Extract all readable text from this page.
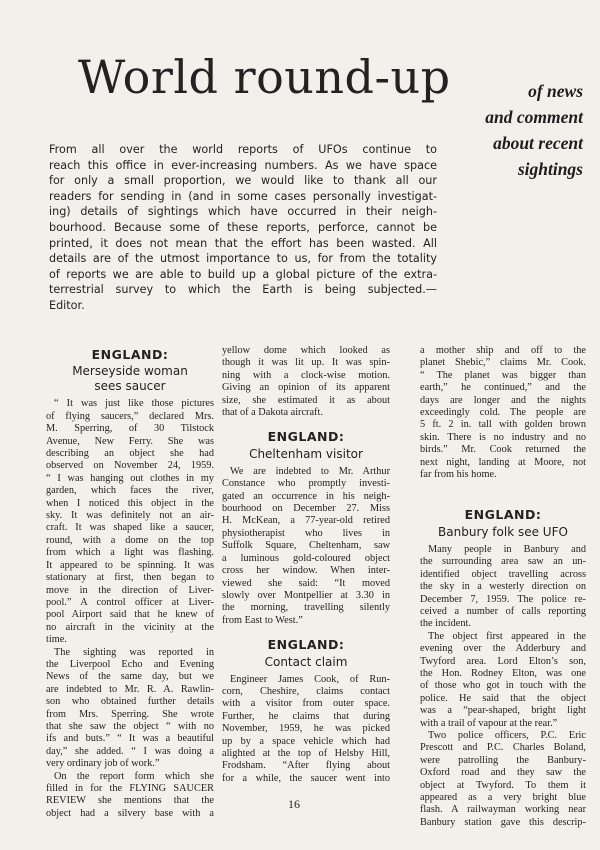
World round-up	of news
and comment
about recent
sightings
From all over the world reports of UFOs continue to
reach this office in ever-increasing numbers. As we have space
for only a small proportion, we would like to thank all our
readers for sending in (and in some cases personally investigat-
ing) details of sightings which have occurred in their neigh-
bourhood. Because some of these reports, perforce, cannot be
printed, it does not mean that the effort has been wasted. All
details are of the utmost importance to us, for from the totality
of reports we are able to build up a global picture of the extra-
terrestrial survey to which the Earth is being subjected.—
Editor.
ENGLAND:
Merseyside woman
sees saucer
“ It was just like those pictures
of flying saucers,” declared Mrs.
M. Sperring, of 30 Tilstock
Avenue, New Ferry. She was
describing an object she had
observed on November 24, 1959.
“ I was hanging out clothes in my
garden, which faces the river,
when I noticed this object in the
sky. It was definitely not an air-
craft. It was shaped like a saucer,
round, with a dome on the top
from which a light was flashing.
It appeared to be spinning. It was
stationary at first, then began to
move in the direction of Liver-
pool.” A control officer at Liver-
pool Airport said that he knew of
no aircraft in the vicinity at the
time.
The sighting was reported in
the Liverpool Echo and Evening
News of the same day, but we
are indebted to Mr. R. A. Rawlin-
son who obtained further details
from Mrs. Sperring. She wrote
that she saw the object “ with no
ifs and buts.” “ It was a beautiful
day,” she added. “ I was doing a
very ordinary job of work.”
On the report form which she
filled in for the FLYING SAUCER
REVIEW she mentions that the
object had a silvery base with a
yellow dome which looked as
though it was lit up. It was spin-
ning with a clock-wise motion.
Giving an opinion of its apparent
size, she estimated it as about
that of a Dakota aircraft.
ENGLAND:
Cheltenham visitor
We are indebted to Mr. Arthur
Constance who promptly investi-
gated an occurrence in his neigh-
bourhood on December 27. Miss
H. McKean, a 77-year-old retired
physiotherapist who lives in
Suffolk Square, Cheltenham, saw
a luminous gold-coloured object
cross her window. When inter-
viewed she said: “It moved
slowly over Montpellier at 3.30 in
the morning, travelling silently
from East to West.”
ENGLAND:
Contact claim
Engineer James Cook, of Run-
corn, Cheshire, claims contact
with a visitor from outer space.
Further, he claims that during
November, 1959, he was picked
up by a space vehicle which had
alighted at the top of Helsby Hill,
Frodsham. “After flying about
for a while, the saucer went into
a mother ship and off to the
planet Shebic,” claims Mr. Cook.
“ The planet was bigger than
earth,” he continued,” and the
days are longer and the nights
exceedingly cold. The people are
5 ft. 2 in. tall with golden brown
skin. There is no industry and no
birds.” Mr. Cook returned the
next night, landing at Moore, not
far from his home.
ENGLAND:
Banbury folk see UFO
Many people in Banbury and
the surrounding area saw an un-
identified object travelling across
the sky in a westerly direction on
December 7, 1959. The police re-
ceived a number of calls reporting
the incident.
The object first appeared in the
evening over the Adderbury and
Twyford area. Lord Elton’s son,
the Hon. Rodney Elton, was one
of those who got in touch with the
police. He said that the object
was a “pear-shaped, bright light
with a trail of vapour at the rear.”
Two police officers, P.C. Eric
Prescott and P.C. Charles Boland,
were patrolling the Banbury-
Oxford road and they saw the
object at Twyford. To them it
appeared as a very bright blue
flash. A railwayman working near
Banbury station gave this descrip-
16
